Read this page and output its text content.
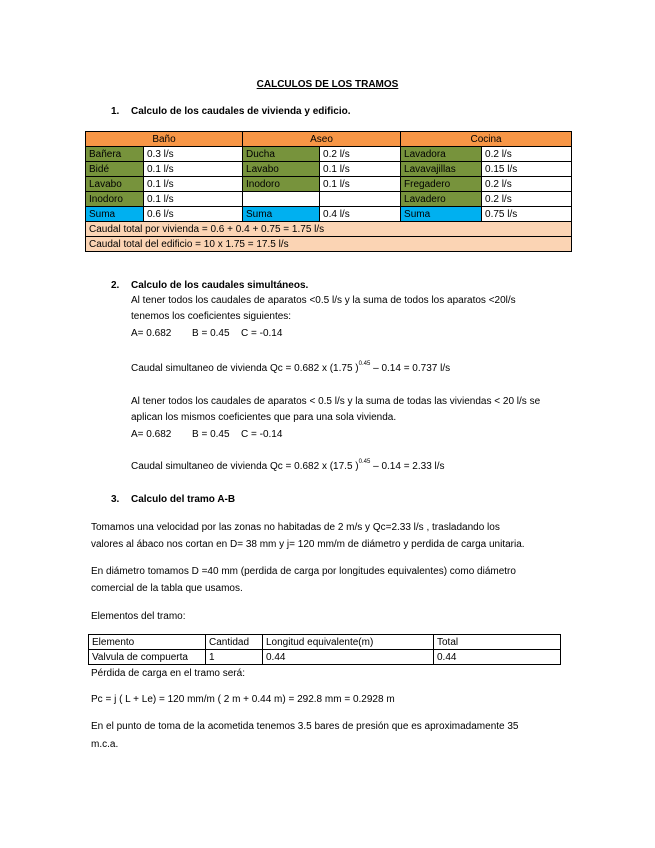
CALCULOS DE LOS TRAMOS
1. Calculo de los caudales de vivienda y edificio.
Baño		Aseo		Cocina	
Bañera	0.3 l/s	Ducha	0.2 l/s	Lavadora	0.2 l/s
Bidé	0.1 l/s	Lavabo	0.1 l/s	Lavavajillas	0.15 l/s
Lavabo	0.1 l/s	Inodoro	0.1 l/s	Fregadero	0.2 l/s
Inodoro	0.1 l/s			Lavadero	0.2 l/s
Suma	0.6 l/s	Suma	0.4 l/s	Suma	0.75 l/s
Caudal total por vivienda = 0.6 + 0.4 + 0.75 = 1.75 l/s					
Caudal total del edificio = 10 x 1.75 = 17.5 l/s					
2. Calculo de los caudales simultáneos.
Al tener todos los caudales de aparatos <0.5 l/s y la suma de todos los aparatos <20l/s
tenemos los coeficientes siguientes:
A= 0.682 B = 0.45 C = -0.14
Caudal simultaneo de vivienda Qc = 0.682 x (1.75 )$^{0.45}$ – 0.14 = 0.737 l/s
Al tener todos los caudales de aparatos < 0.5 l/s y la suma de todas las viviendas < 20 l/s se
aplican los mismos coeficientes que para una sola vivienda.
A= 0.682 B = 0.45 C = -0.14
Caudal simultaneo de vivienda Qc = 0.682 x (17.5 )$^{0.45}$ – 0.14 = 2.33 l/s
3. Calculo del tramo A-B
Tomamos una velocidad por las zonas no habitadas de 2 m/s y Qc=2.33 l/s , trasladando los
valores al ábaco nos cortan en D= 38 mm y j= 120 mm/m de diámetro y perdida de carga unitaria.
En diámetro tomamos D =40 mm (perdida de carga por longitudes equivalentes) como diámetro
comercial de la tabla que usamos.
Elementos del tramo:
Elemento	Cantidad	Longitud equivalente(m)	Total
Valvula de compuerta	1	0.44	0.44
Pérdida de carga en el tramo será:
Pc = j ( L + Le) = 120 mm/m ( 2 m + 0.44 m) = 292.8 mm = 0.2928 m
En el punto de toma de la acometida tenemos 3.5 bares de presión que es aproximadamente 35
m.c.a.
